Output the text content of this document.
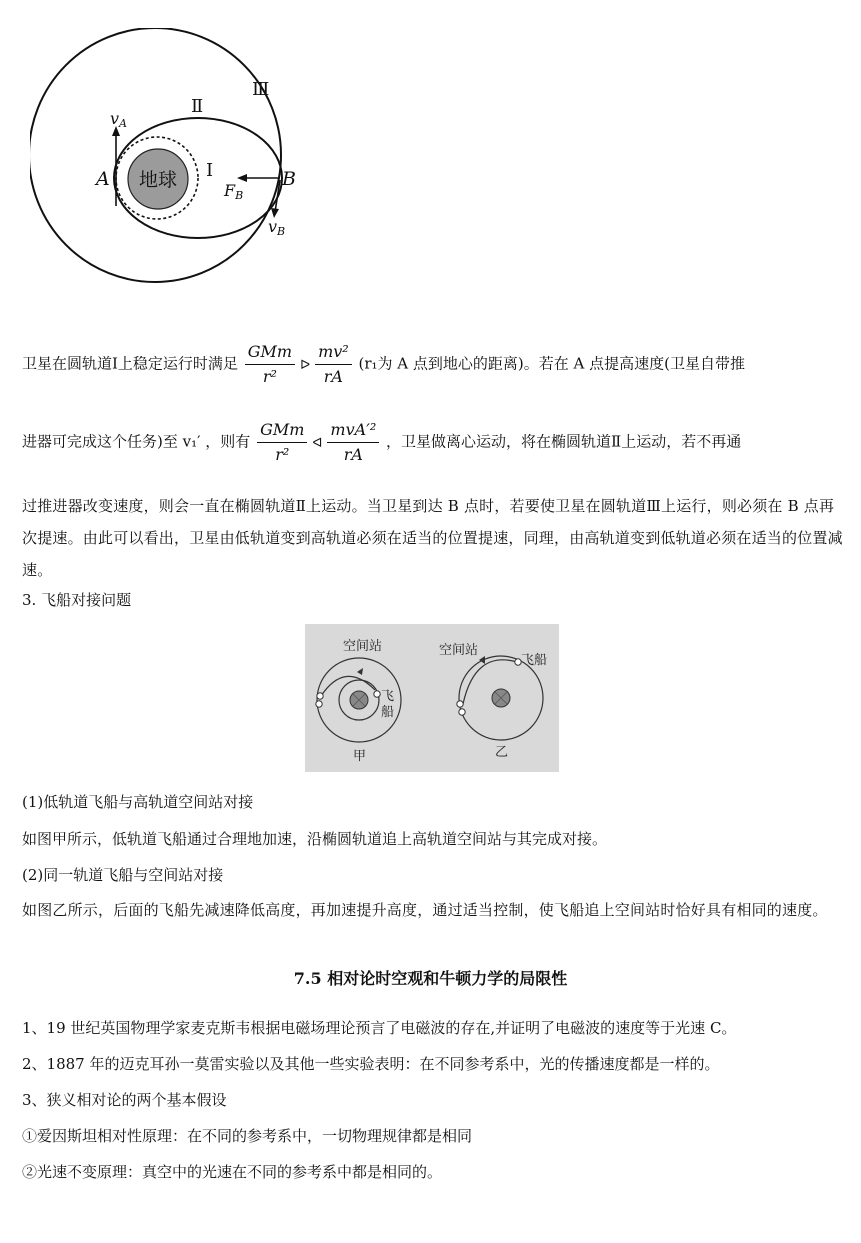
地球
vA
A	B
FB
vB
Ⅰ
Ⅱ
Ⅲ
卫星在圆轨道Ⅰ上稳定运行时满足 $\frac{\text{GMm}}{\text{r²}}$ ᐅ $\frac{\text{mv²}}{rA} (r_1$为 A 点到地心的距离)。若在 A 点提高速度(卫星自带推
进器可完成这个任务)至 v₁′ ，则有 $\frac{\text{GMm}}{\text{r²}}$ ᐊ $\frac{\text{mvA′²}}{rA}$ ，卫星做离心运动，将在椭圆轨道Ⅱ上运动，若不再通
过推进器改变速度，则会一直在椭圆轨道Ⅱ上运动。当卫星到达 B 点时，若要使卫星在圆轨道Ⅲ上运行，则必须在 B 点再次提速。由此可以看出，卫星由低轨道变到高轨道必须在适当的位置提速，同理，由高轨道变到低轨道必须在适当的位置减速。
3. 飞船对接问题
空间站
飞
船
甲
空间站
飞船
乙
(1)低轨道飞船与高轨道空间站对接
如图甲所示，低轨道飞船通过合理地加速，沿椭圆轨道追上高轨道空间站与其完成对接。
(2)同一轨道飞船与空间站对接
如图乙所示，后面的飞船先减速降低高度，再加速提升高度，通过适当控制，使飞船追上空间站时恰好具有相同的速度。
7.5 相对论时空观和牛顿力学的局限性
1、19 世纪英国物理学家麦克斯韦根据电磁场理论预言了电磁波的存在,并证明了电磁波的速度等于光速 C。
2、1887 年的迈克耳孙一莫雷实验以及其他一些实验表明：在不同参考系中，光的传播速度都是一样的。
3、狭义相对论的两个基本假设
①爱因斯坦相对性原理：在不同的参考系中，一切物理规律都是相同
②光速不变原理：真空中的光速在不同的参考系中都是相同的。
